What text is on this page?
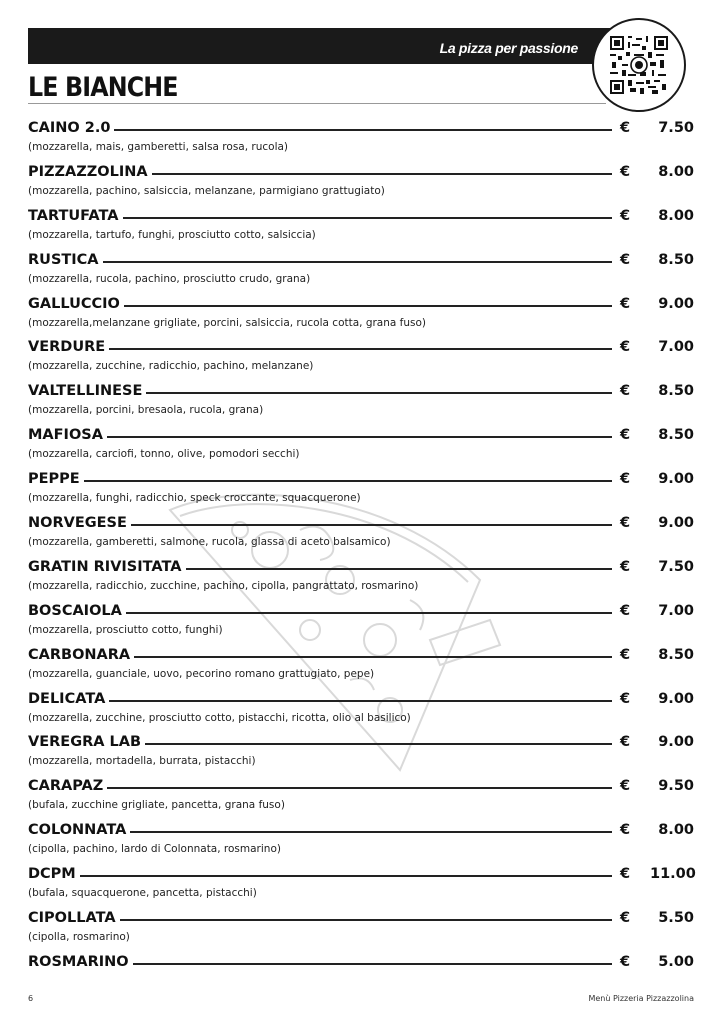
La pizza per passione
LE BIANCHE
CAINO 2.0	€	7.50
(mozzarella, mais, gamberetti, salsa rosa, rucola)
PIZZAZZOLINA	€	8.00
(mozzarella, pachino, salsiccia, melanzane, parmigiano grattugiato)
TARTUFATA	€	8.00
(mozzarella, tartufo, funghi, prosciutto cotto, salsiccia)
RUSTICA	€	8.50
(mozzarella, rucola, pachino, prosciutto crudo, grana)
GALLUCCIO	€	9.00
(mozzarella,melanzane grigliate, porcini, salsiccia, rucola cotta, grana fuso)
VERDURE	€	7.00
(mozzarella, zucchine, radicchio, pachino, melanzane)
VALTELLINESE	€	8.50
(mozzarella, porcini, bresaola, rucola, grana)
MAFIOSA	€	8.50
(mozzarella, carciofi, tonno, olive, pomodori secchi)
PEPPE	€	9.00
(mozzarella, funghi, radicchio, speck croccante, squacquerone)
NORVEGESE	€	9.00
(mozzarella, gamberetti, salmone, rucola, glassa di aceto balsamico)
GRATIN RIVISITATA	€	7.50
(mozzarella, radicchio, zucchine, pachino, cipolla, pangrattato, rosmarino)
BOSCAIOLA	€	7.00
(mozzarella, prosciutto cotto, funghi)
CARBONARA	€	8.50
(mozzarella, guanciale, uovo, pecorino romano grattugiato, pepe)
DELICATA	€	9.00
(mozzarella, zucchine, prosciutto cotto, pistacchi, ricotta, olio al basilico)
VEREGRA LAB	€	9.00
(mozzarella, mortadella, burrata, pistacchi)
CARAPAZ	€	9.50
(bufala, zucchine grigliate, pancetta, grana fuso)
COLONNATA	€	8.00
(cipolla, pachino, lardo di Colonnata, rosmarino)
DCPM	€	11.00
(bufala, squacquerone, pancetta, pistacchi)
CIPOLLATA	€	5.50
(cipolla, rosmarino)
ROSMARINO	€	5.00
6	Menù Pizzeria Pizzazzolina
